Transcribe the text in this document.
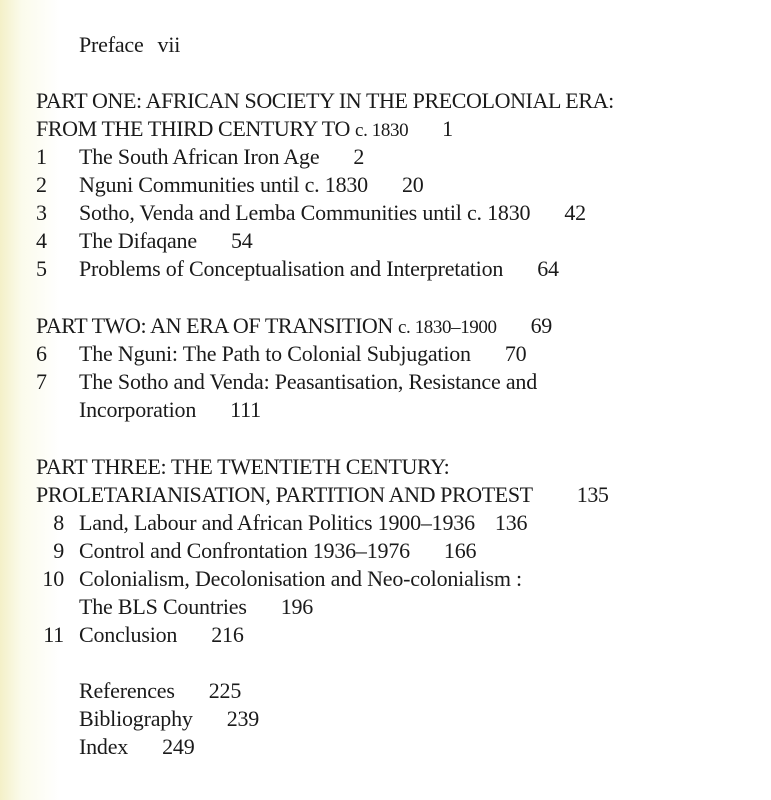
Preface vii
PART ONE: AFRICAN SOCIETY IN THE PRECOLONIAL ERA:
FROM THE THIRD CENTURY TO c. 1830 1
1 The South African Iron Age 2
2 Nguni Communities until c. 1830 20
3 Sotho, Venda and Lemba Communities until c. 1830 42
4 The Difaqane 54
5 Problems of Conceptualisation and Interpretation 64
PART TWO: AN ERA OF TRANSITION c. 1830–1900 69
6 The Nguni: The Path to Colonial Subjugation 70
7 The Sotho and Venda: Peasantisation, Resistance and
Incorporation 111
PART THREE: THE TWENTIETH CENTURY:
PROLETARIANISATION, PARTITION AND PROTEST 135
8 Land, Labour and African Politics 1900–1936 136
9 Control and Confrontation 1936–1976 166
10 Colonialism, Decolonisation and Neo-colonialism :
The BLS Countries 196
11 Conclusion 216
References 225
Bibliography 239
Index 249
